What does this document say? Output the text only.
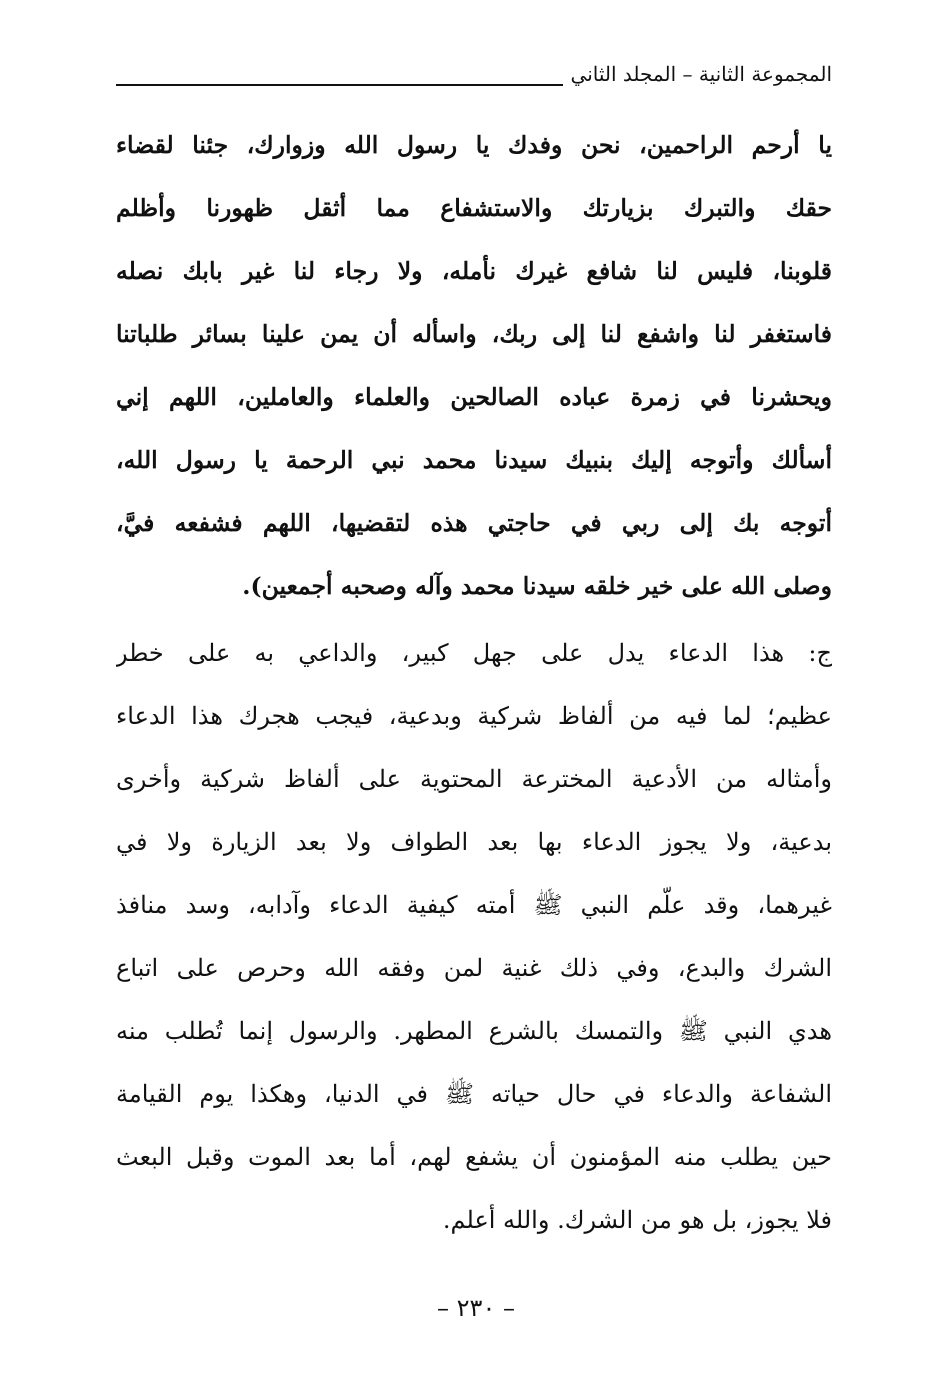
المجموعة الثانية – المجلد الثاني
يا أرحم الراحمين، نحن وفدك يا رسول الله وزوارك، جئنا لقضاء
حقك والتبرك بزيارتك والاستشفاع مما أثقل ظهورنا وأظلم
قلوبنا، فليس لنا شافع غيرك نأمله، ولا رجاء لنا غير بابك نصله
فاستغفر لنا واشفع لنا إلى ربك، واسأله أن يمن علينا بسائر طلباتنا
ويحشرنا في زمرة عباده الصالحين والعلماء والعاملين، اللهم إني
أسألك وأتوجه إليك بنبيك سيدنا محمد نبي الرحمة يا رسول الله،
أتوجه بك إلى ربي في حاجتي هذه لتقضيها، اللهم فشفعه فيَّ،
وصلى الله على خير خلقه سيدنا محمد وآله وصحبه أجمعين).
ج: هذا الدعاء يدل على جهل كبير، والداعي به على خطر
عظيم؛ لما فيه من ألفاظ شركية وبدعية، فيجب هجرك هذا الدعاء
وأمثاله من الأدعية المخترعة المحتوية على ألفاظ شركية وأخرى
بدعية، ولا يجوز الدعاء بها بعد الطواف ولا بعد الزيارة ولا في
غيرهما، وقد علّم النبي ﷺ أمته كيفية الدعاء وآدابه، وسد منافذ
الشرك والبدع، وفي ذلك غنية لمن وفقه الله وحرص على اتباع
هدي النبي ﷺ والتمسك بالشرع المطهر. والرسول إنما تُطلب منه
الشفاعة والدعاء في حال حياته ﷺ في الدنيا، وهكذا يوم القيامة
حين يطلب منه المؤمنون أن يشفع لهم، أما بعد الموت وقبل البعث
فلا يجوز، بل هو من الشرك. والله أعلم.
– ٢٣٠ –
